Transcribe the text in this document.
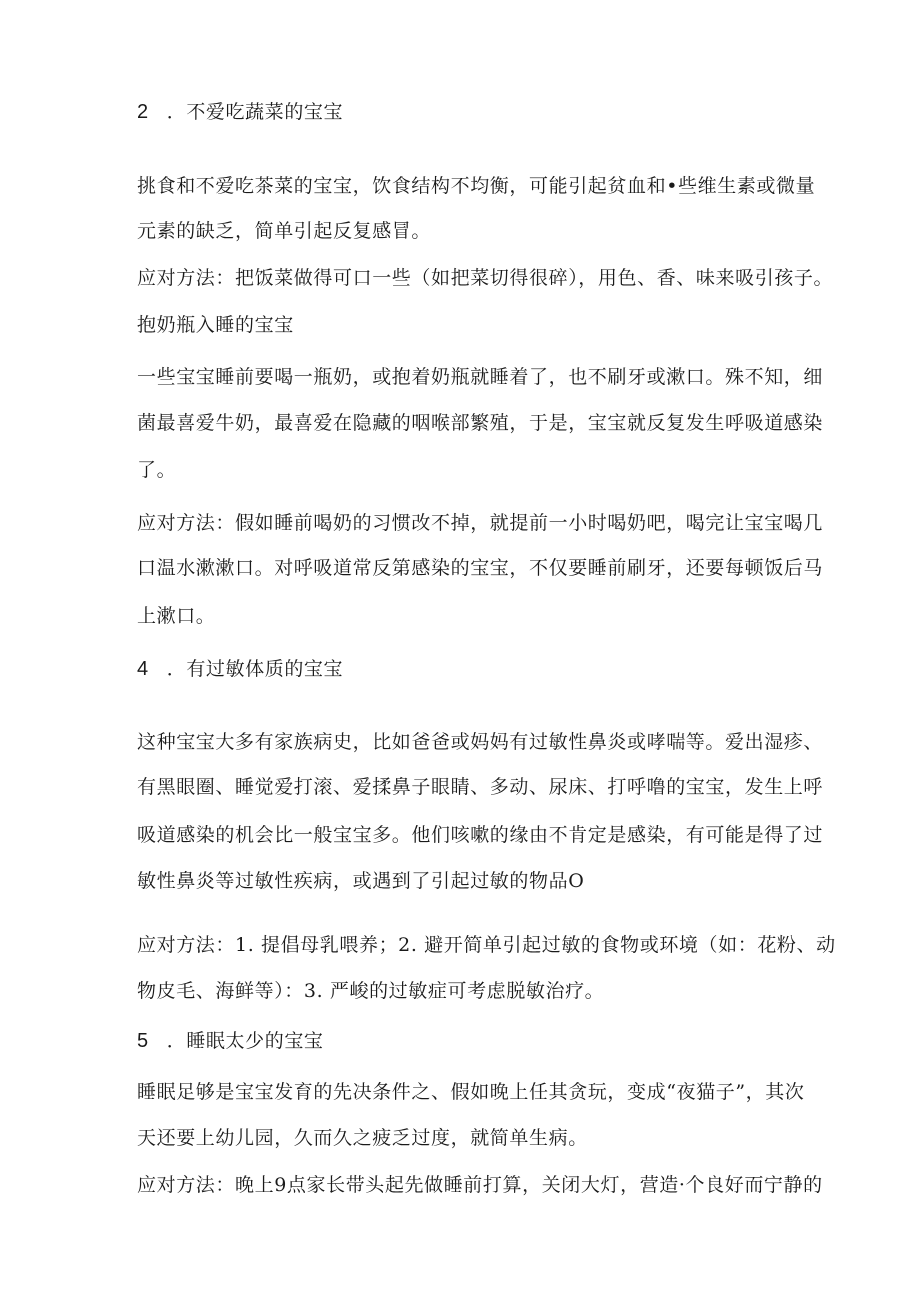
2 ．不爱吃蔬菜的宝宝
挑食和不爱吃茶菜的宝宝，饮食结构不均衡，可能引起贫血和•些维生素或微量
元素的缺乏，简单引起反复感冒。
应对方法：把饭菜做得可口一些（如把菜切得很碎），用色、香、味来吸引孩子。
抱奶瓶入睡的宝宝
一些宝宝睡前要喝一瓶奶，或抱着奶瓶就睡着了，也不刷牙或漱口。殊不知，细
菌最喜爱牛奶，最喜爱在隐藏的咽喉部繁殖，于是，宝宝就反复发生呼吸道感染
了。
应对方法：假如睡前喝奶的习惯改不掉，就提前一小时喝奶吧，喝完让宝宝喝几
口温水漱漱口。对呼吸道常反第感染的宝宝，不仅要睡前刷牙，还要每顿饭后马
上漱口。
4 ．有过敏体质的宝宝
这种宝宝大多有家族病史，比如爸爸或妈妈有过敏性鼻炎或哮喘等。爱出湿疹、
有黑眼圈、睡觉爱打滚、爱揉鼻子眼睛、多动、尿床、打呼噜的宝宝，发生上呼
吸道感染的机会比一般宝宝多。他们咳嗽的缘由不肯定是感染，有可能是得了过
敏性鼻炎等过敏性疾病，或遇到了引起过敏的物品O
应对方法：1. 提倡母乳喂养；2. 避开简单引起过敏的食物或环境（如：花粉、动
物皮毛、海鲜等）：3. 严峻的过敏症可考虑脱敏治疗。
5 ．睡眠太少的宝宝
睡眠足够是宝宝发育的先决条件之、假如晚上任其贪玩，变成“夜猫子”，其次
天还要上幼儿园，久而久之疲乏过度，就简单生病。
应对方法：晚上9点家长带头起先做睡前打算，关闭大灯，营造·个良好而宁静的
